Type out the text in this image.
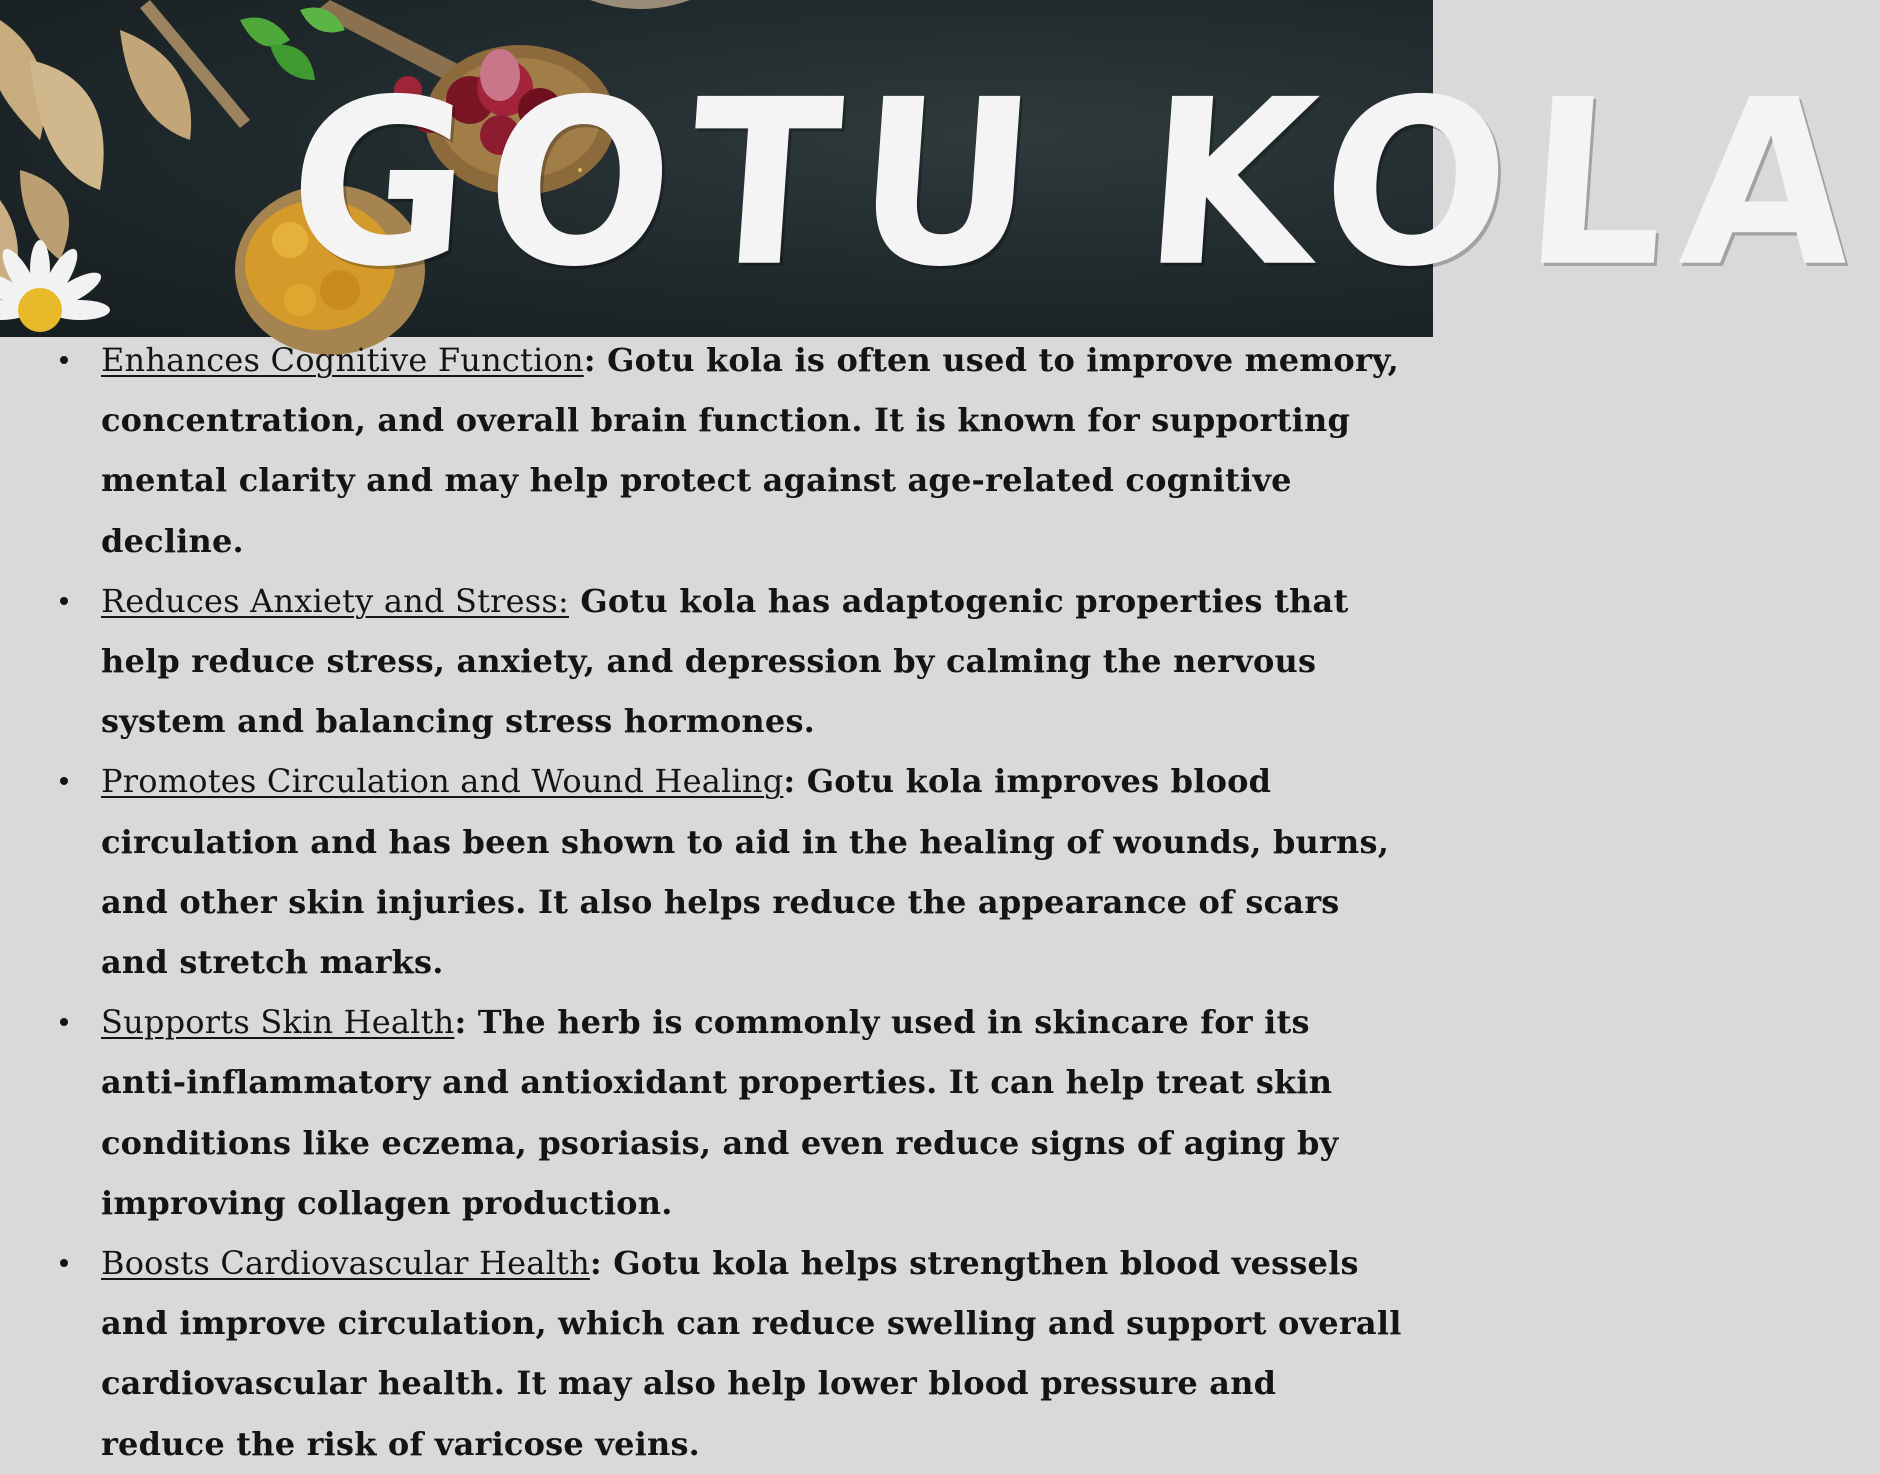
GOTU KOLA
Enhances Cognitive Function: Gotu kola is often used to improve memory, concentration, and overall brain function. It is known for supporting mental clarity and may help protect against age-related cognitive decline.
Reduces Anxiety and Stress: Gotu kola has adaptogenic properties that help reduce stress, anxiety, and depression by calming the nervous system and balancing stress hormones.
Promotes Circulation and Wound Healing: Gotu kola improves blood circulation and has been shown to aid in the healing of wounds, burns, and other skin injuries. It also helps reduce the appearance of scars and stretch marks.
Supports Skin Health: The herb is commonly used in skincare for its anti-inflammatory and antioxidant properties. It can help treat skin conditions like eczema, psoriasis, and even reduce signs of aging by improving collagen production.
Boosts Cardiovascular Health: Gotu kola helps strengthen blood vessels and improve circulation, which can reduce swelling and support overall cardiovascular health. It may also help lower blood pressure and reduce the risk of varicose veins.
